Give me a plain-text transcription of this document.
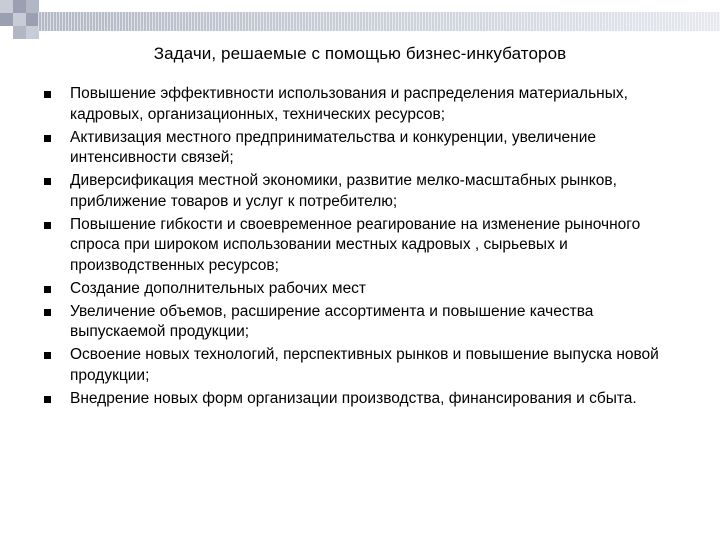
Задачи, решаемые с помощью бизнес-инкубаторов
Повышение эффективности использования и распределения материальных, кадровых, организационных, технических ресурсов;
Активизация местного предпринимательства и конкуренции, увеличение интенсивности связей;
Диверсификация местной экономики, развитие мелко-масштабных рынков, приближение товаров и услуг к потребителю;
Повышение гибкости и своевременное реагирование на изменение рыночного спроса при широком использовании местных кадровых , сырьевых и производственных ресурсов;
Создание дополнительных рабочих мест
Увеличение объемов, расширение ассортимента и повышение качества выпускаемой продукции;
Освоение новых технологий, перспективных рынков и повышение выпуска новой продукции;
Внедрение новых форм организации производства, финансирования и сбыта.
